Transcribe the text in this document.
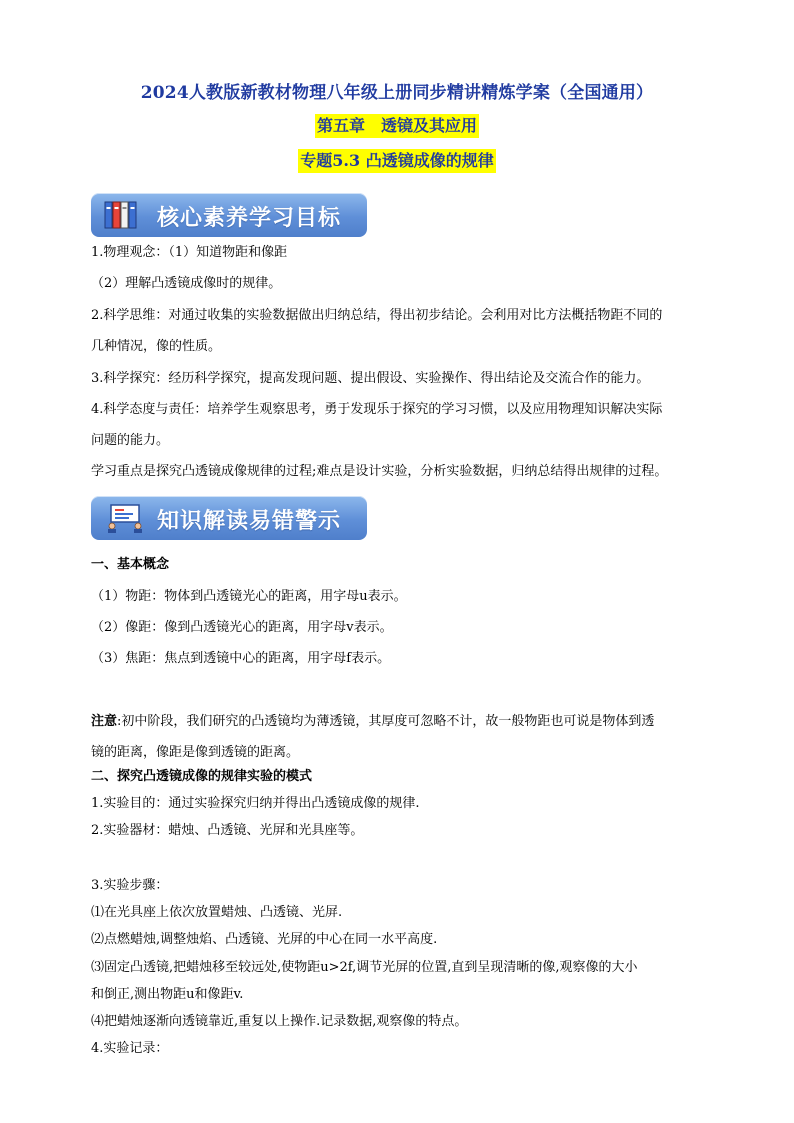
2024人教版新教材物理八年级上册同步精讲精炼学案（全国通用）
第五章　透镜及其应用
专题5.3 凸透镜成像的规律
核心素养学习目标
1.物理观念：（1）知道物距和像距
（2）理解凸透镜成像时的规律。
2.科学思维：对通过收集的实验数据做出归纳总结，得出初步结论。会利用对比方法概括物距不同的
几种情况，像的性质。
3.科学探究：经历科学探究，提高发现问题、提出假设、实验操作、得出结论及交流合作的能力。
4.科学态度与责任：培养学生观察思考，勇于发现乐于探究的学习习惯，以及应用物理知识解决实际
问题的能力。
学习重点是探究凸透镜成像规律的过程;难点是设计实验，分析实验数据，归纳总结得出规律的过程。
知识解读易错警示
一、基本概念
（1）物距：物体到凸透镜光心的距离，用字母u表示。
（2）像距：像到凸透镜光心的距离，用字母v表示。
（3）焦距：焦点到透镜中心的距离，用字母f表示。
注意:初中阶段，我们研究的凸透镜均为薄透镜，其厚度可忽略不计，故一般物距也可说是物体到透
镜的距离，像距是像到透镜的距离。
二、探究凸透镜成像的规律实验的模式
1.实验目的：通过实验探究归纳并得出凸透镜成像的规律.
2.实验器材：蜡烛、凸透镜、光屏和光具座等。
3.实验步骤：
⑴在光具座上依次放置蜡烛、凸透镜、光屏.
⑵点燃蜡烛,调整烛焰、凸透镜、光屏的中心在同一水平高度.
⑶固定凸透镜,把蜡烛移至较远处,使物距u>2f,调节光屏的位置,直到呈现清晰的像,观察像的大小
和倒正,测出物距u和像距v.
⑷把蜡烛逐渐向透镜靠近,重复以上操作.记录数据,观察像的特点。
4.实验记录：
